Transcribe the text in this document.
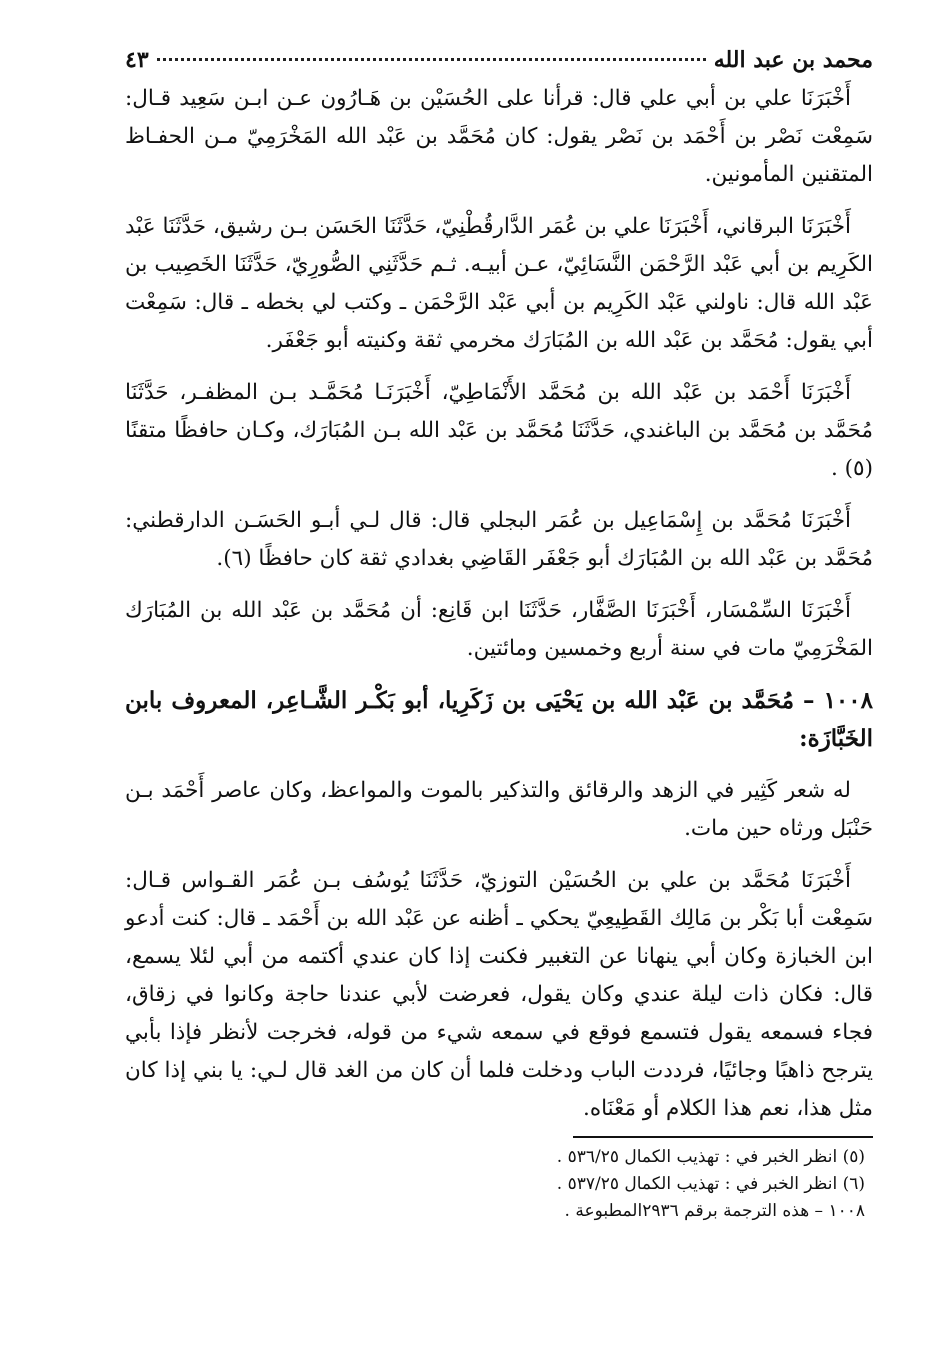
محمد بن عبد الله
٤٣

أَخْبَرَنَا علي بن أبي علي قال: قرأنا على الحُسَيْن بن هَـارُون عـن ابـن سَعِيد قـال: سَمِعْت نَصْر بن أَحْمَد بن نَصْر يقول: كان مُحَمَّد بن عَبْد الله المَخْرَمِيّ مـن الحفـاظ المتقنين المأمونين.

أَخْبَرَنَا البرقاني، أَخْبَرَنَا علي بن عُمَر الدَّارقُطْنِيّ، حَدَّثَنَا الحَسَن بـن رشيق، حَدَّثَنَا عَبْد الكَرِيم بن أبي عَبْد الرَّحْمَن النَّسَائِيّ، عـن أبيـه. ثـم حَدَّثَنِي الصُّورِيّ، حَدَّثَنَا الخَصِيب بن عَبْد الله قال: ناولني عَبْد الكَرِيم بن أبي عَبْد الرَّحْمَن ـ وكتب لي بخطه ـ قال: سَمِعْت أبي يقول: مُحَمَّد بن عَبْد الله بن المُبَارَك مخرمي ثقة وكنيته أبو جَعْفَر.

أَخْبَرَنَا أَحْمَد بن عَبْد الله بن مُحَمَّد الأَنْمَاطِيّ، أَخْبَرَنَـا مُحَمَّـد بـن المظفـر، حَدَّثَنَا مُحَمَّد بن مُحَمَّد بن الباغندي، حَدَّثَنَا مُحَمَّد بن عَبْد الله بـن المُبَارَك، وكـان حافظًا متقنًا (٥) .

أَخْبَرَنَا مُحَمَّد بن إِسْمَاعِيل بن عُمَر البجلي قال: قال لـي أبـو الحَسَـن الدارقطني: مُحَمَّد بن عَبْد الله بن المُبَارَك أبو جَعْفَر القَاضِي بغدادي ثقة كان حافظًا (٦).

أَخْبَرَنَا السِّمْسَار، أَخْبَرَنَا الصَّفَّار، حَدَّثَنَا ابن قَانِع: أن مُحَمَّد بن عَبْد الله بن المُبَارَك المَخْرَمِيّ مات في سنة أربع وخمسين ومائتين.

١٠٠٨ – مُحَمَّد بن عَبْد الله بن يَحْيَى بن زَكَرِيا، أبو بَكْـر الشَّـاعِر، المعروف بابن الخَبَّازَة:

له شعر كَثِير في الزهد والرقائق والتذكير بالموت والمواعظ، وكان عاصر أَحْمَد بـن حَنْبَل ورثاه حين مات.

أَخْبَرَنَا مُحَمَّد بن علي بن الحُسَيْن التوزيّ، حَدَّثَنَا يُوسُف بـن عُمَر القـواس قـال: سَمِعْت أبا بَكْر بن مَالِك القَطِيعِيّ يحكي ـ أظنه عن عَبْد الله بن أَحْمَد ـ قال: كنت أدعو ابن الخبازة وكان أبي ينهانا عن التغبير فكنت إذا كان عندي أكتمه من أبي لئلا يسمع، قال: فكان ذات ليلة عندي وكان يقول، فعرضت لأبي عندنا حاجة وكانوا في زقاق، فجاء فسمعه يقول فتسمع فوقع في سمعه شيء من قوله، فخرجت لأنظر فإذا بأبي يترجح ذاهبًا وجائيًا، فرددت الباب ودخلت فلما أن كان من الغد قال لـي: يا بني إذا كان مثل هذا، نعم هذا الكلام أو مَعْنَاه.

(٥) انظر الخبر في : تهذيب الكمال ٥٣٦/٢٥ .

(٦) انظر الخبر في : تهذيب الكمال ٥٣٧/٢٥ .

١٠٠٨ – هذه الترجمة برقم ٢٩٣٦المطبوعة .
